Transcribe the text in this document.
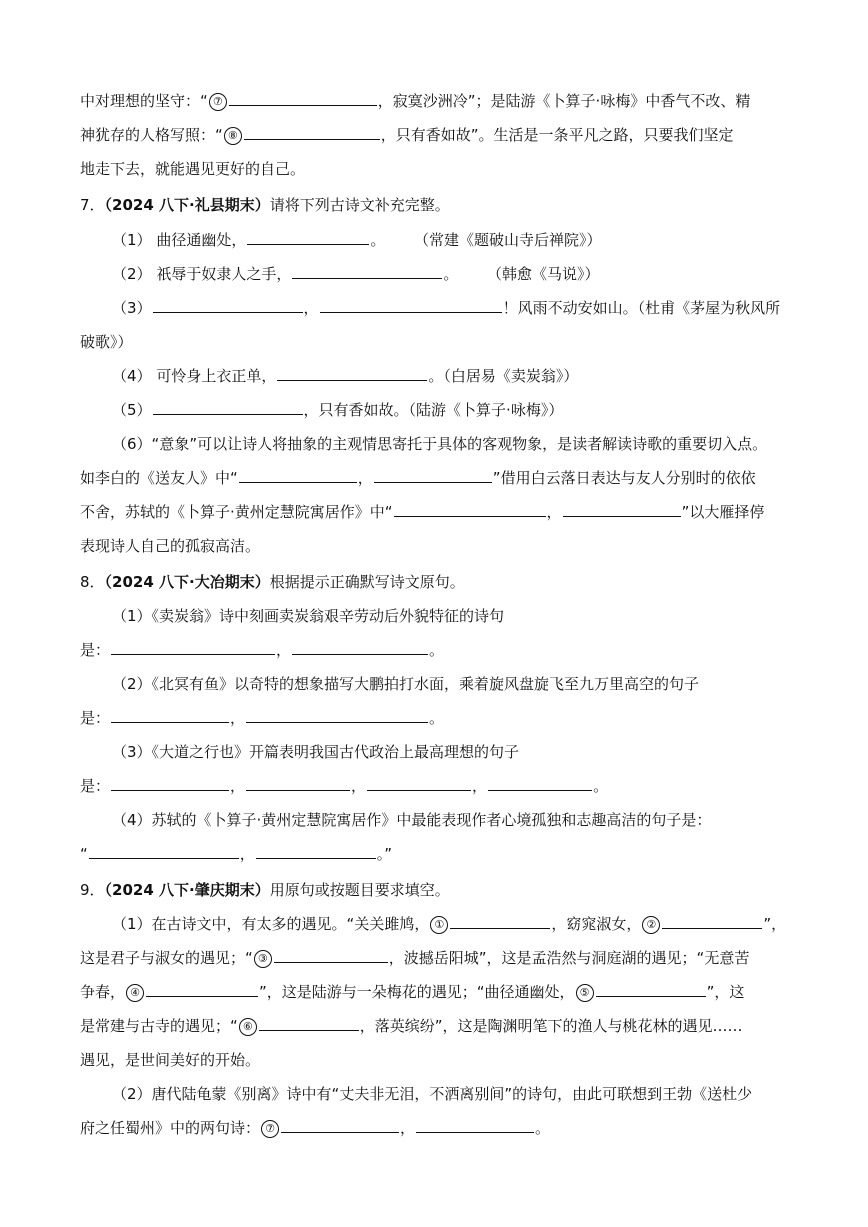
中对理想的坚守：“ ⑦	，寂寞沙洲冷”；是陆游《卜算子·咏梅》中香气不改、精
神犹存的人格写照：“ ⑧	，只有香如故”。生活是一条平凡之路，只要我们坚定
地走下去，就能遇见更好的自己。
7．（2024 八下·礼县期末）请将下列古诗文补充完整。
（1） 曲径通幽处，	。 （常建《题破山寺后禅院》）
（2） 祇辱于奴隶人之手，	。 （韩愈《马说》）
（3）	，	！风雨不动安如山。（杜甫《茅屋为秋风所
破歌》）
（4） 可怜身上衣正单，	。（白居易《卖炭翁》）
（5）	，只有香如故。（陆游《卜算子·咏梅》）
（6）“意象”可以让诗人将抽象的主观情思寄托于具体的客观物象，是读者解读诗歌的重要切入点。
如李白的《送友人》中“	，	”借用白云落日表达与友人分别时的依依
不舍，苏轼的《卜算子·黄州定慧院寓居作》中“	，	”以大雁择停
表现诗人自己的孤寂高洁。
8．（2024 八下·大冶期末）根据提示正确默写诗文原句。
（1）《卖炭翁》诗中刻画卖炭翁艰辛劳动后外貌特征的诗句
是：	，	。
（2）《北冥有鱼》以奇特的想象描写大鹏拍打水面，乘着旋风盘旋飞至九万里高空的句子
是：	，	。
（3）《大道之行也》开篇表明我国古代政治上最高理想的句子
是：	，	，	，	。
（4）苏轼的《卜算子·黄州定慧院寓居作》中最能表现作者心境孤独和志趣高洁的句子是：
“	，	。”
9．（2024 八下·肇庆期末）用原句或按题目要求填空。
（1）在古诗文中，有太多的遇见。“关关雎鸠， ①	，窈窕淑女， ②	”，
这是君子与淑女的遇见；“ ③	，波撼岳阳城”，这是孟浩然与洞庭湖的遇见；“无意苦
争春， ④	”，这是陆游与一朵梅花的遇见；“曲径通幽处， ⑤	”，这
是常建与古寺的遇见；“ ⑥	，落英缤纷”，这是陶渊明笔下的渔人与桃花林的遇见……
遇见，是世间美好的开始。
（2）唐代陆龟蒙《别离》诗中有“丈夫非无泪，不洒离别间”的诗句，由此可联想到王勃《送杜少
府之任蜀州》中的两句诗： ⑦	，	。
